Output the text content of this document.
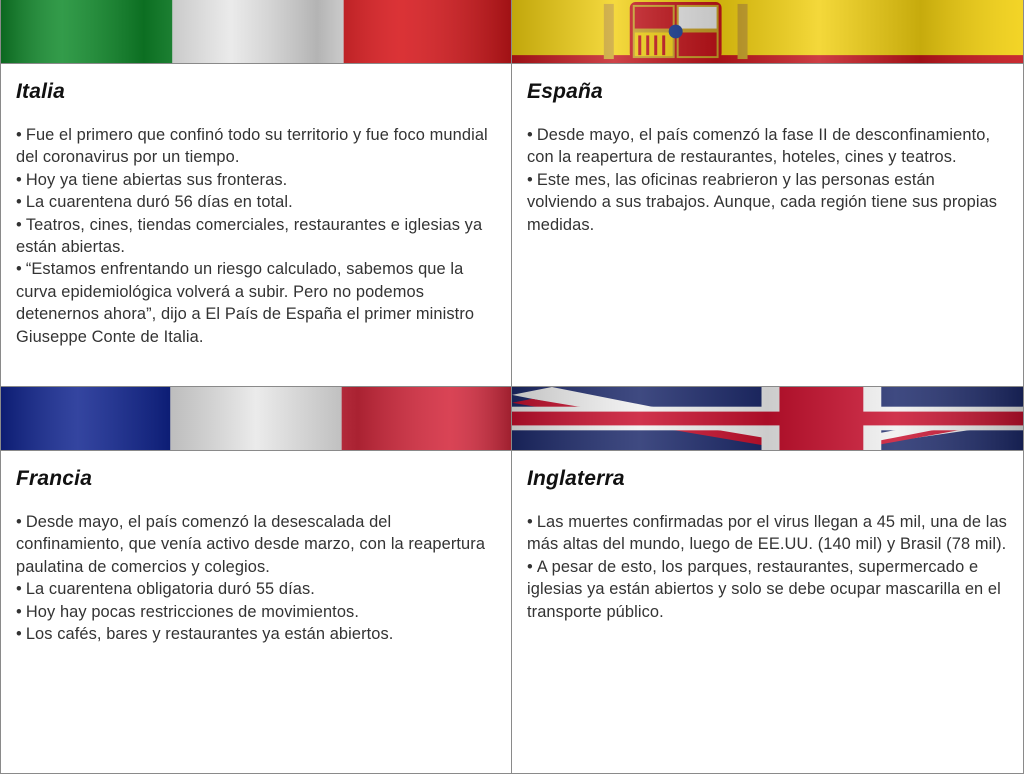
Italia
• Fue el primero que confinó todo su territorio y fue foco mundial del coronavirus por un tiempo.
• Hoy ya tiene abiertas sus fronteras.
• La cuarentena duró 56 días en total.
• Teatros, cines, tiendas comerciales, restaurantes e iglesias ya están abiertas.
• “Estamos enfrentando un riesgo calculado, sabemos que la curva epidemiológica volverá a subir. Pero no podemos detenernos ahora”, dijo a El País de España el primer ministro Giuseppe Conte de Italia.
España
• Desde mayo, el país comenzó la fase II de desconfinamiento, con la reapertura de restaurantes, hoteles, cines y teatros.
• Este mes, las oficinas reabrieron y las personas están volviendo a sus trabajos. Aunque, cada región tiene sus propias medidas.
Francia
• Desde mayo, el país comenzó la desescalada del confinamiento, que venía activo desde marzo, con la reapertura paulatina de comercios y colegios.
• La cuarentena obligatoria duró 55 días.
• Hoy hay pocas restricciones de movimientos.
• Los cafés, bares y restaurantes ya están abiertos.
Inglaterra
• Las muertes confirmadas por el virus llegan a 45 mil, una de las más altas del mundo, luego de EE.UU. (140 mil) y Brasil (78 mil).
• A pesar de esto, los parques, restaurantes, supermercado e iglesias ya están abiertos y solo se debe ocupar mascarilla en el transporte público.
